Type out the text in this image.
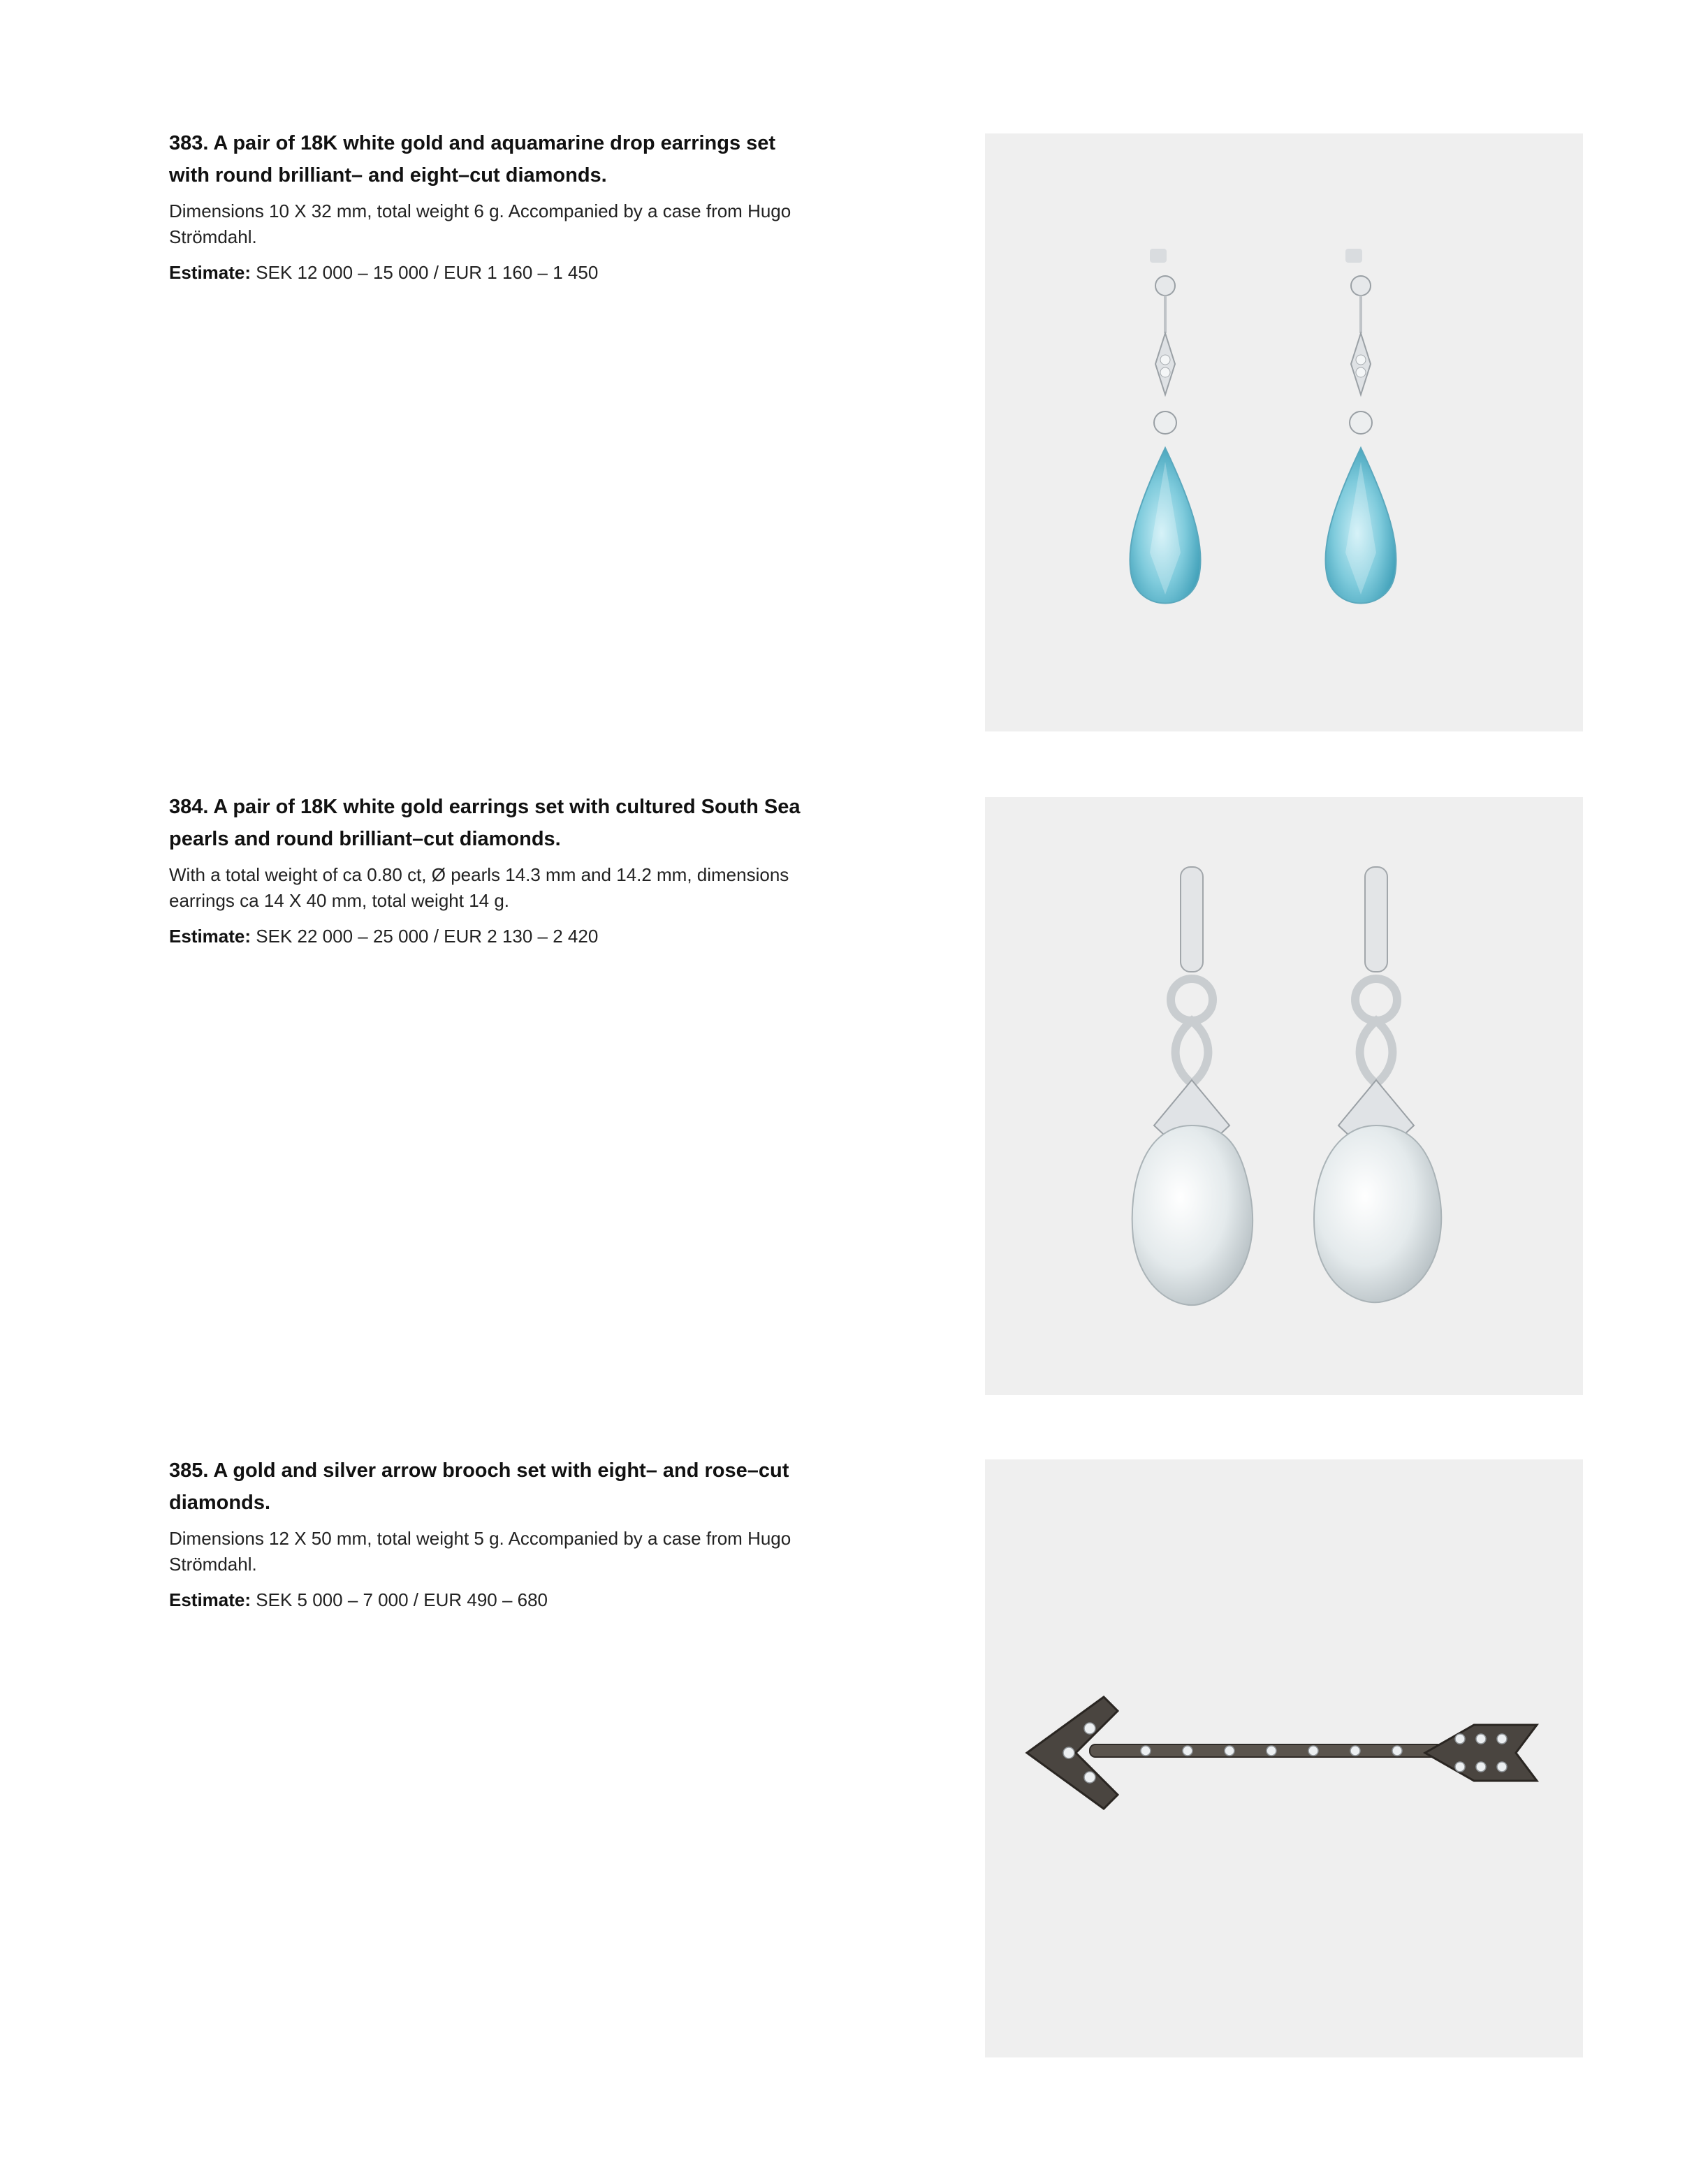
383. A pair of 18K white gold and aquamarine drop earrings set
with round brilliant– and eight–cut diamonds.

Dimensions 10 X 32 mm, total weight 6 g. Accompanied by a case from Hugo Strömdahl.

Estimate: SEK 12 000 – 15 000 / EUR 1 160 – 1 450

384. A pair of 18K white gold earrings set with cultured South Sea
pearls and round brilliant–cut diamonds.

With a total weight of ca 0.80 ct, Ø pearls 14.3 mm and 14.2 mm, dimensions
earrings ca 14 X 40 mm, total weight 14 g.

Estimate: SEK 22 000 – 25 000 / EUR 2 130 – 2 420

385. A gold and silver arrow brooch set with eight– and rose–cut diamonds.

Dimensions 12 X 50 mm, total weight 5 g. Accompanied by a case from Hugo Strömdahl.

Estimate: SEK 5 000 – 7 000 / EUR 490 – 680
